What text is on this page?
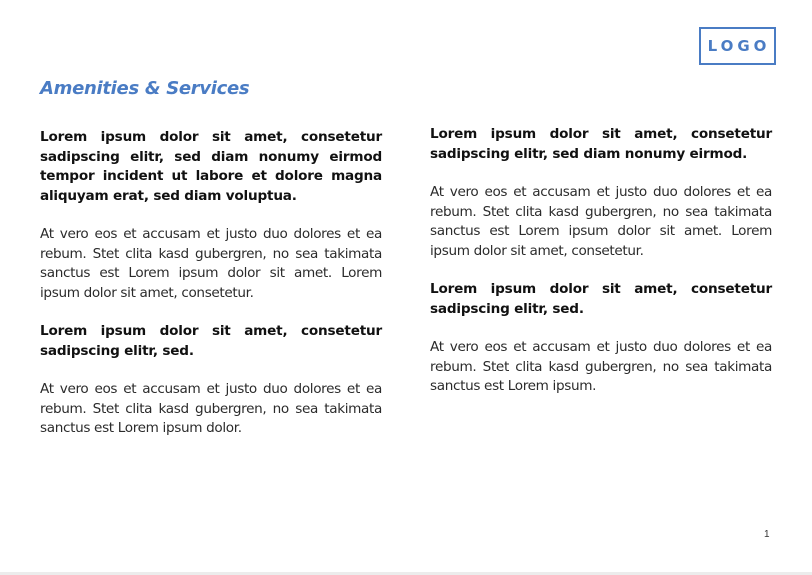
LOGO
Amenities & Services

Lorem ipsum dolor sit amet, consetetur sadipscing elitr, sed diam nonumy eirmod tempor incident ut labore et dolore magna aliquyam erat, sed diam voluptua.

At vero eos et accusam et justo duo dolores et ea rebum. Stet clita kasd gubergren, no sea takimata sanctus est Lorem ipsum dolor sit amet. Lorem ipsum dolor sit amet, consetetur.

Lorem ipsum dolor sit amet, consetetur sadipscing elitr, sed.

At vero eos et accusam et justo duo dolores et ea rebum. Stet clita kasd gubergren, no sea takimata sanctus est Lorem ipsum dolor.

Lorem ipsum dolor sit amet, consetetur sadipscing elitr, sed diam nonumy eirmod.

At vero eos et accusam et justo duo dolores et ea rebum. Stet clita kasd gubergren, no sea takimata sanctus est Lorem ipsum dolor sit amet. Lorem ipsum dolor sit amet, consetetur.

Lorem ipsum dolor sit amet, consetetur sadipscing elitr, sed.

At vero eos et accusam et justo duo dolores et ea rebum. Stet clita kasd gubergren, no sea takimata sanctus est Lorem ipsum.

1
